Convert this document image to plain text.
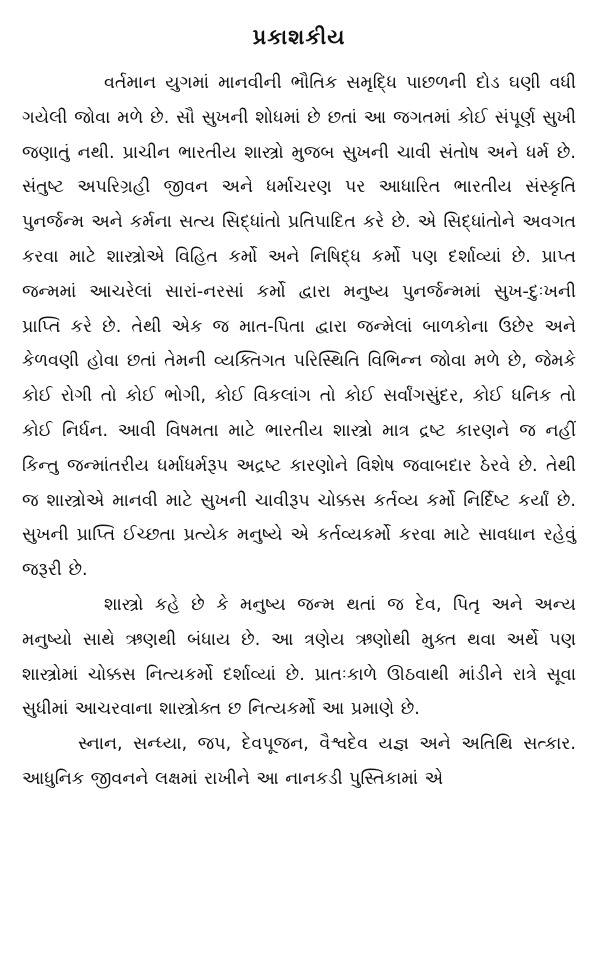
પ્રકાશકીય

વર્તમાન યુગમાં માનવીની ભૌતિક સમૃદ્ધિ પાછળની દોડ ઘણી વધી ગયેલી જોવા મળે છે. સૌ સુખની શોધમાં છે છતાં આ જગતમાં કોઈ સંપૂર્ણ સુખી જણાતું નથી. પ્રાચીન ભારતીય શાસ્ત્રો મુજબ સુખની ચાવી સંતોષ અને ધર્મ છે. સંતુષ્ટ અપરિગ્રહી જીવન અને ધર્માચરણ પર આધારિત ભારતીય સંસ્કૃતિ પુનર્જન્મ અને કર્મના સત્ય સિદ્ધાંતો પ્રતિપાદિત કરે છે. એ સિદ્ધાંતોને અવગત કરવા માટે શાસ્ત્રોએ વિહિત કર્મો અને નિષિદ્ધ કર્મો પણ દર્શાવ્યાં છે. પ્રાપ્ત જન્મમાં આચરેલાં સારાં-નરસાં કર્મો દ્વારા મનુષ્ય પુનર્જન્મમાં સુખ-દુઃખની પ્રાપ્તિ કરે છે. તેથી એક જ માત-પિતા દ્વારા જન્મેલાં બાળકોના ઉછેર અને કેળવણી હોવા છતાં તેમની વ્યક્તિગત પરિસ્થિતિ વિભિન્ન જોવા મળે છે, જેમકે કોઈ રોગી તો કોઈ ભોગી, કોઈ વિકલાંગ તો કોઈ સર્વાંગસુંદર, કોઈ ધનિક તો કોઈ નિર્ધન. આવી વિષમતા માટે ભારતીય શાસ્ત્રો માત્ર દ્રષ્ટ કારણને જ નહીં કિન્તુ જન્માંતરીય ધર્માધર્મરૂપ અદ્રષ્ટ કારણોને વિશેષ જવાબદાર ઠેરવે છે. તેથી જ શાસ્ત્રોએ માનવી માટે સુખની ચાવીરૂપ ચોક્કસ કર્તવ્ય કર્મો નિર્દિષ્ટ કર્યાં છે. સુખની પ્રાપ્તિ ઈચ્છતા પ્રત્યેક મનુષ્યે એ કર્તવ્યકર્મો કરવા માટે સાવધાન રહેવું જરૂરી છે.

શાસ્ત્રો કહે છે કે મનુષ્ય જન્મ થતાં જ દેવ, પિતૃ અને અન્ય મનુષ્યો સાથે ઋણથી બંધાય છે. આ ત્રણેય ઋણોથી મુક્ત થવા અર્થે પણ શાસ્ત્રોમાં ચોક્કસ નિત્યકર્મો દર્શાવ્યાં છે. પ્રાતઃકાળે ઊઠવાથી માંડીને રાત્રે સૂવા સુધીમાં આચરવાના શાસ્ત્રોક્ત છ નિત્યકર્મો આ પ્રમાણે છે.

સ્નાન, સન્ધ્યા, જપ, દેવપૂજન, વૈશ્વદેવ યજ્ઞ અને અતિથિ સત્કાર. આધુનિક જીવનને લક્ષમાં રાખીને આ નાનકડી પુસ્તિકામાં એ
